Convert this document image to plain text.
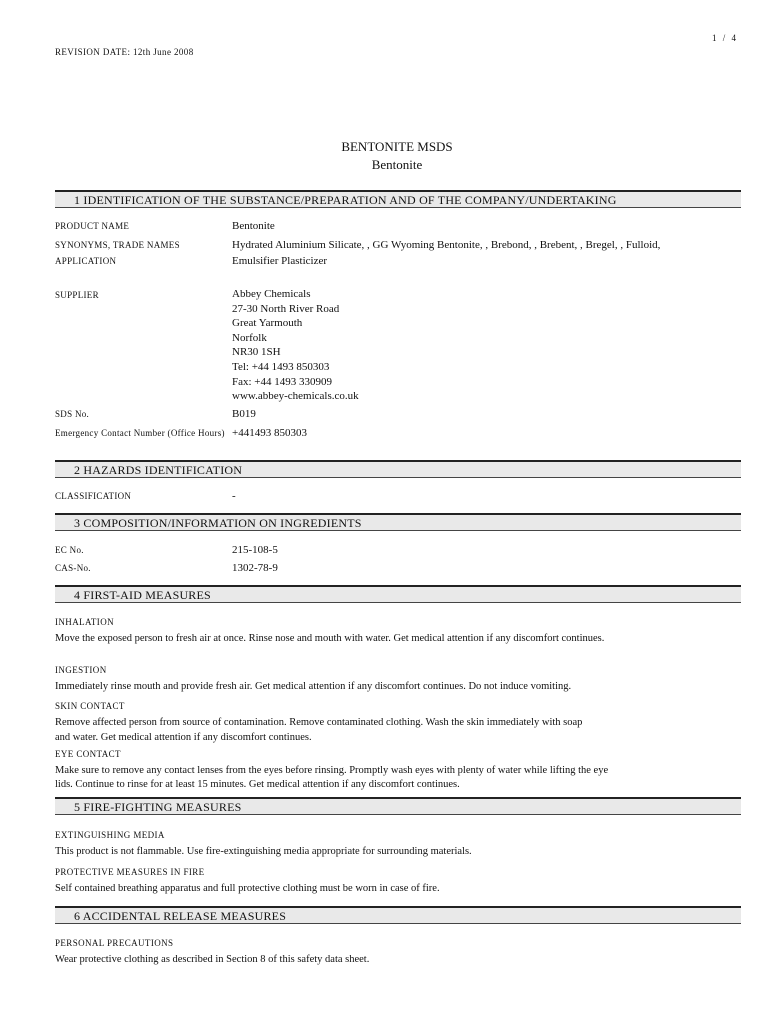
1 / 4
REVISION DATE: 12th June 2008
BENTONITE MSDS
Bentonite
1 IDENTIFICATION OF THE SUBSTANCE/PREPARATION AND OF THE COMPANY/UNDERTAKING
PRODUCT NAME	Bentonite
SYNONYMS, TRADE NAMES	Hydrated Aluminium Silicate, , GG Wyoming Bentonite, , Brebond, , Brebent, , Bregel, , Fulloid,
APPLICATION	Emulsifier Plasticizer
SUPPLIER	Abbey Chemicals
27-30 North River Road
Great Yarmouth
Norfolk
NR30 1SH
Tel: +44 1493 850303
Fax: +44 1493 330909
www.abbey-chemicals.co.uk
SDS No.	B019
Emergency Contact Number (Office Hours) +441493 850303
2 HAZARDS IDENTIFICATION
CLASSIFICATION	-
3 COMPOSITION/INFORMATION ON INGREDIENTS
EC No.	215-108-5
CAS-No.	1302-78-9
4 FIRST-AID MEASURES
INHALATION
Move the exposed person to fresh air at once. Rinse nose and mouth with water. Get medical attention if any discomfort continues.
INGESTION
Immediately rinse mouth and provide fresh air. Get medical attention if any discomfort continues. Do not induce vomiting.
SKIN CONTACT
Remove affected person from source of contamination. Remove contaminated clothing. Wash the skin immediately with soap
and water. Get medical attention if any discomfort continues.
EYE CONTACT
Make sure to remove any contact lenses from the eyes before rinsing. Promptly wash eyes with plenty of water while lifting the eye
lids. Continue to rinse for at least 15 minutes. Get medical attention if any discomfort continues.
5 FIRE-FIGHTING MEASURES
EXTINGUISHING MEDIA
This product is not flammable. Use fire-extinguishing media appropriate for surrounding materials.
PROTECTIVE MEASURES IN FIRE
Self contained breathing apparatus and full protective clothing must be worn in case of fire.
6 ACCIDENTAL RELEASE MEASURES
PERSONAL PRECAUTIONS
Wear protective clothing as described in Section 8 of this safety data sheet.
